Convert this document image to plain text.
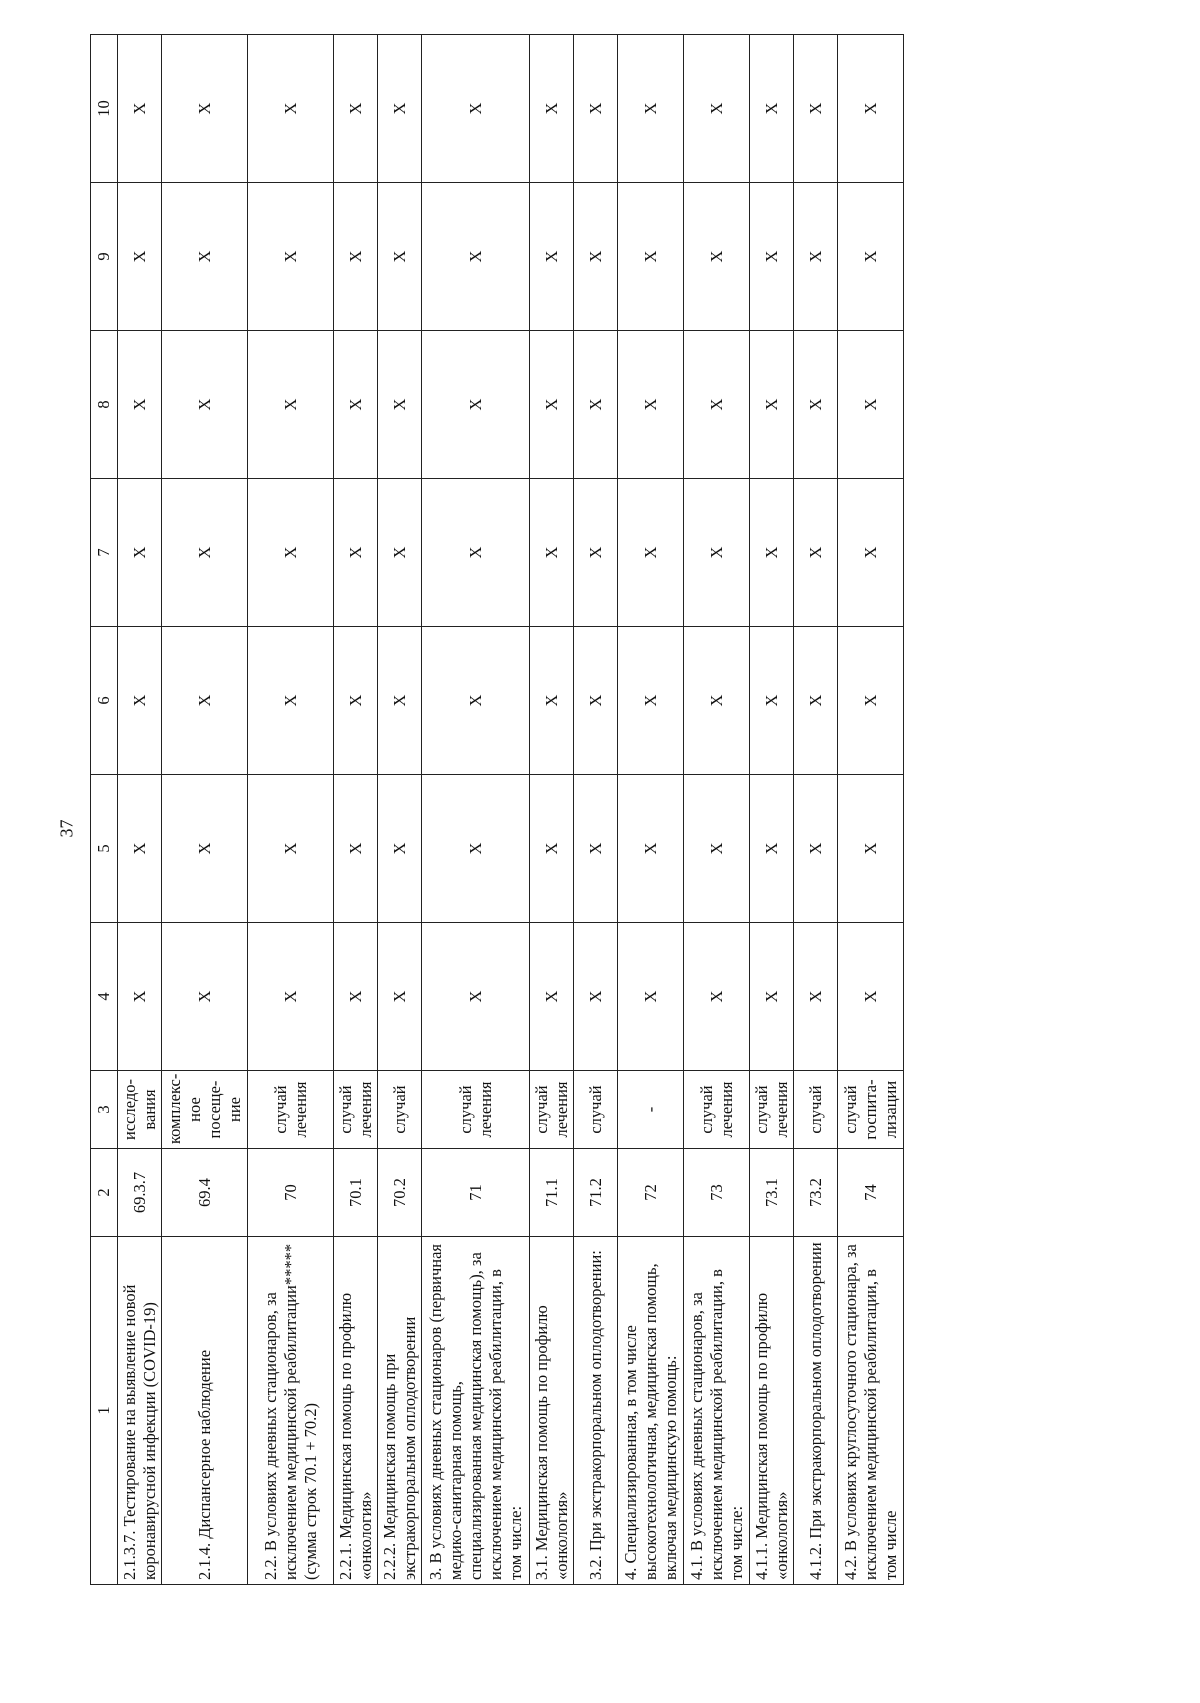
37
1	2	3	4	5	6	7	8	9	10
2.1.3.7. Тестирование на выявление новой коронавирусной инфекции (COVID-19)	69.3.7	исследо-вания	X	X	X	X	X	X	X
2.1.4. Диспансерное наблюдение	69.4	комплекс-ное посеще-ние	X	X	X	X	X	X	X
2.2. В условиях дневных стационаров, за исключением медицинской реабилитации***** (сумма строк 70.1 + 70.2)	70	случай лечения	X	X	X	X	X	X	X
2.2.1. Медицинская помощь по профилю «онкология»	70.1	случай лечения	X	X	X	X	X	X	X
2.2.2. Медицинская помощь при экстракорпоральном оплодотворении	70.2	случай	X	X	X	X	X	X	X
3. В условиях дневных стационаров (первичная медико-санитарная помощь, специализированная медицинская помощь), за исключением медицинской реабилитации, в том числе:	71	случай лечения	X	X	X	X	X	X	X
3.1. Медицинская помощь по профилю «онкология»	71.1	случай лечения	X	X	X	X	X	X	X
3.2. При экстракорпоральном оплодотворении:	71.2	случай	X	X	X	X	X	X	X
4. Специализированная, в том числе высокотехнологичная, медицинская помощь, включая медицинскую помощь:	72	-	X	X	X	X	X	X	X
4.1. В условиях дневных стационаров, за исключением медицинской реабилитации, в том числе:	73	случай лечения	X	X	X	X	X	X	X
4.1.1. Медицинская помощь по профилю «онкология»	73.1	случай лечения	X	X	X	X	X	X	X
4.1.2. При экстракорпоральном оплодотворении	73.2	случай	X	X	X	X	X	X	X
4.2. В условиях круглосуточного стационара, за исключением медицинской реабилитации, в том числе	74	случай госпита-лизации	X	X	X	X	X	X	X
